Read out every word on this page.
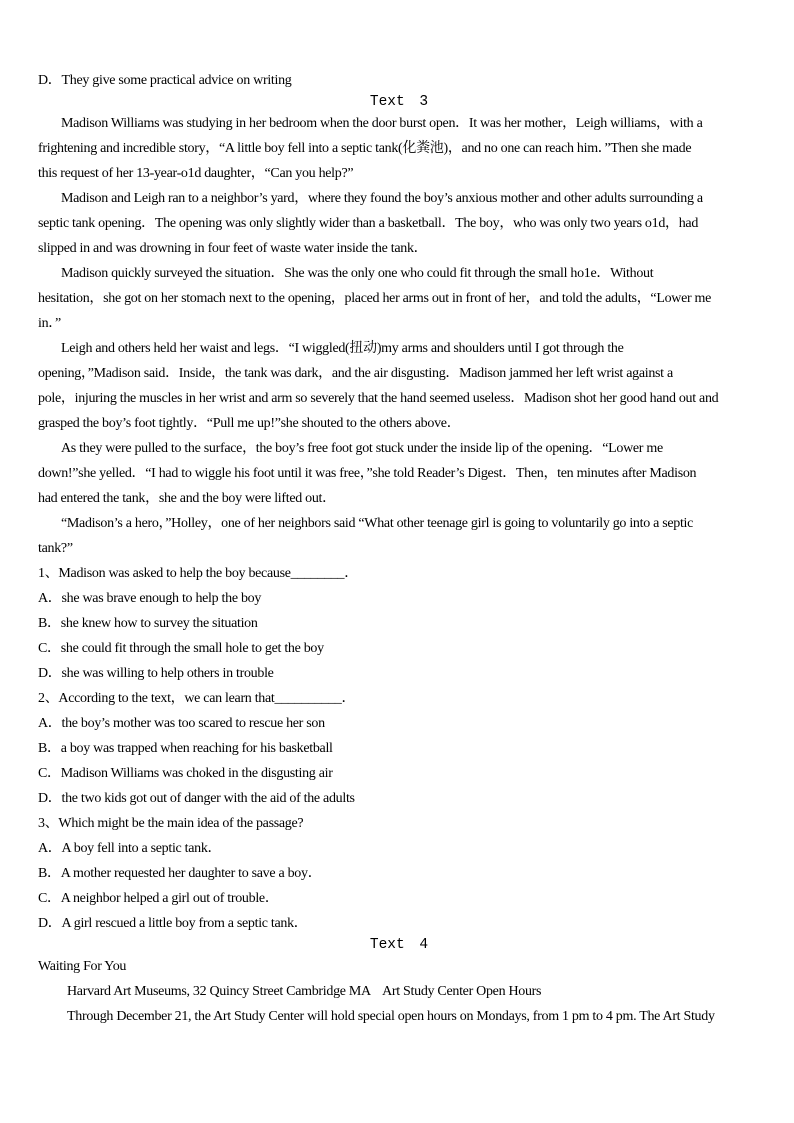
D．They give some practical advice on writing
Text 3
Madison Williams was studying in her bedroom when the door burst open．It was her mother，Leigh williams，with a
frightening and incredible story，“A little boy fell into a septic tank(化粪池)，and no one can reach him．”Then she made
this request of her 13-year-o1d daughter，“Can you help?”
Madison and Leigh ran to a neighbor’s yard，where they found the boy’s anxious mother and other adults surrounding a
septic tank opening．The opening was only slightly wider than a basketball．The boy，who was only two years o1d，had
slipped in and was drowning in four feet of waste water inside the tank．
Madison quickly surveyed the situation．She was the only one who could fit through the small ho1e．Without
hesitation，she got on her stomach next to the opening，placed her arms out in front of her，and told the adults，“Lower me
in．”
Leigh and others held her waist and legs．“I wiggled(扭动)my arms and shoulders until I got through the
opening，”Madison said．Inside，the tank was dark，and the air disgusting．Madison jammed her left wrist against a
pole，injuring the muscles in her wrist and arm so severely that the hand seemed useless．Madison shot her good hand out and
grasped the boy’s foot tightly．“Pull me up!”she shouted to the others above．
As they were pulled to the surface，the boy’s free foot got stuck under the inside lip of the opening．“Lower me
down!”she yelled．“I had to wiggle his foot until it was free，”she told Reader’s Digest．Then，ten minutes after Madison
had entered the tank，she and the boy were lifted out．
“Madison’s a hero，”Holley，one of her neighbors said “What other teenage girl is going to voluntarily go into a septic
tank?”
1、Madison was asked to help the boy because________．
A．she was brave enough to help the boy
B．she knew how to survey the situation
C．she could fit through the small hole to get the boy
D．she was willing to help others in trouble
2、According to the text，we can learn that__________．
A．the boy’s mother was too scared to rescue her son
B．a boy was trapped when reaching for his basketball
C．Madison Williams was choked in the disgusting air
D．the two kids got out of danger with the aid of the adults
3、Which might be the main idea of the passage?
A．A boy fell into a septic tank．
B．A mother requested her daughter to save a boy．
C．A neighbor helped a girl out of trouble．
D．A girl rescued a little boy from a septic tank．
Text 4
Waiting For You
Harvard Art Museums, 32 Quincy Street Cambridge MA    Art Study Center Open Hours
Through December 21, the Art Study Center will hold special open hours on Mondays, from 1 pm to 4 pm. The Art Study
